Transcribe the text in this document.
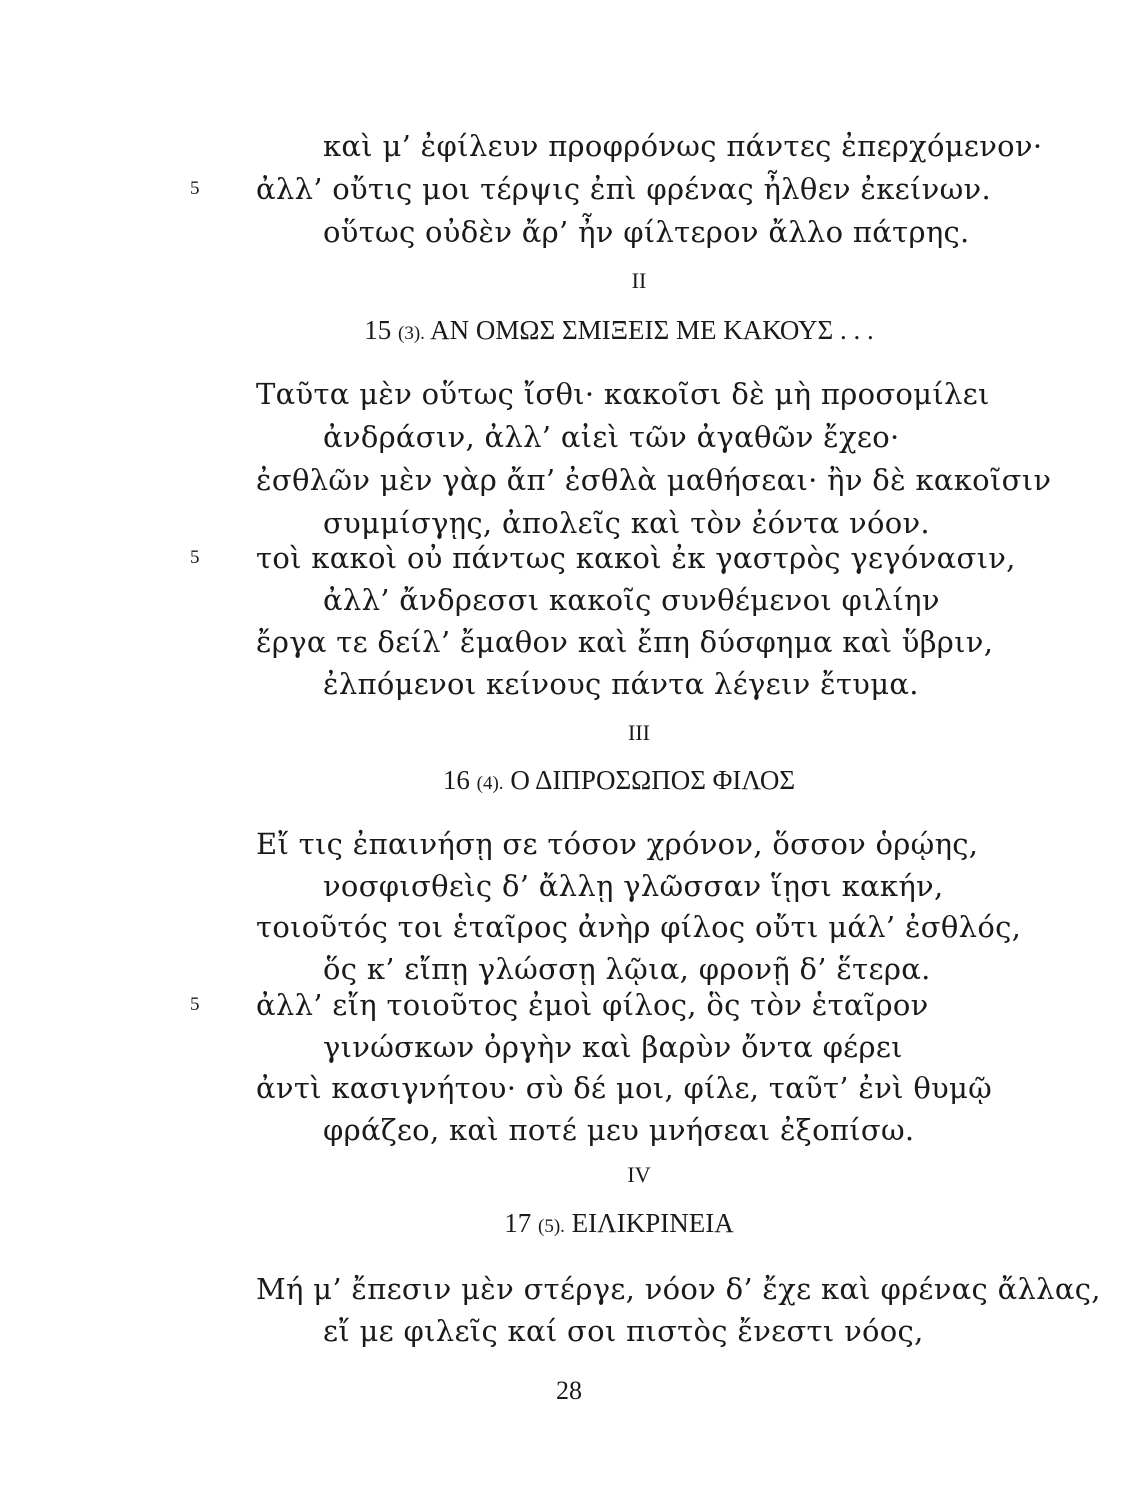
καὶ μ’ ἐφίλευν προφρόνως πάντες ἐπερχόμενον·
5 ἀλλ’ οὔτις μοι τέρψις ἐπὶ φρένας ἦλθεν ἐκείνων.
οὕτως οὐδὲν ἄρ’ ἦν φίλτερον ἄλλο πάτρης.
II
15 (3). ΑΝ ΟΜΩΣ ΣΜΙΞΕΙΣ ΜΕ ΚΑΚΟΥΣ . . .
Ταῦτα μὲν οὕτως ἴσθι· κακοῖσι δὲ μὴ προσομίλει
ἀνδράσιν, ἀλλ’ αἰεὶ τῶν ἀγαθῶν ἔχεο·
ἐσθλῶν μὲν γὰρ ἄπ’ ἐσθλὰ μαθήσεαι· ἢν δὲ κακοῖσιν
συμμίσγῃς, ἀπολεῖς καὶ τὸν ἐόντα νόον.
5 τοὶ κακοὶ οὐ πάντως κακοὶ ἐκ γαστρὸς γεγόνασιν,
ἀλλ’ ἄνδρεσσι κακοῖς συνθέμενοι φιλίην
ἔργα τε δείλ’ ἔμαθον καὶ ἔπη δύσφημα καὶ ὕβριν,
ἐλπόμενοι κείνους πάντα λέγειν ἔτυμα.
III
16 (4). Ο ΔΙΠΡΟΣΩΠΟΣ ΦΙΛΟΣ
Εἴ τις ἐπαινήσῃ σε τόσον χρόνον, ὅσσον ὁρῴης,
νοσφισθεὶς δ’ ἄλλῃ γλῶσσαν ἵῃσι κακήν,
τοιοῦτός τοι ἑταῖρος ἀνὴρ φίλος οὔτι μάλ’ ἐσθλός,
ὅς κ’ εἴπῃ γλώσσῃ λῷια, φρονῇ δ’ ἕτερα.
5 ἀλλ’ εἴη τοιοῦτος ἐμοὶ φίλος, ὃς τὸν ἑταῖρον
γινώσκων ὀργὴν καὶ βαρὺν ὄντα φέρει
ἀντὶ κασιγνήτου· σὺ δέ μοι, φίλε, ταῦτ’ ἐνὶ θυμῷ
φράζεο, καὶ ποτέ μευ μνήσεαι ἐξοπίσω.
IV
17 (5). ΕΙΛΙΚΡΙΝΕΙΑ
Μή μ’ ἔπεσιν μὲν στέργε, νόον δ’ ἔχε καὶ φρένας ἄλλας,
εἴ με φιλεῖς καί σοι πιστὸς ἔνεστι νόος,
28
